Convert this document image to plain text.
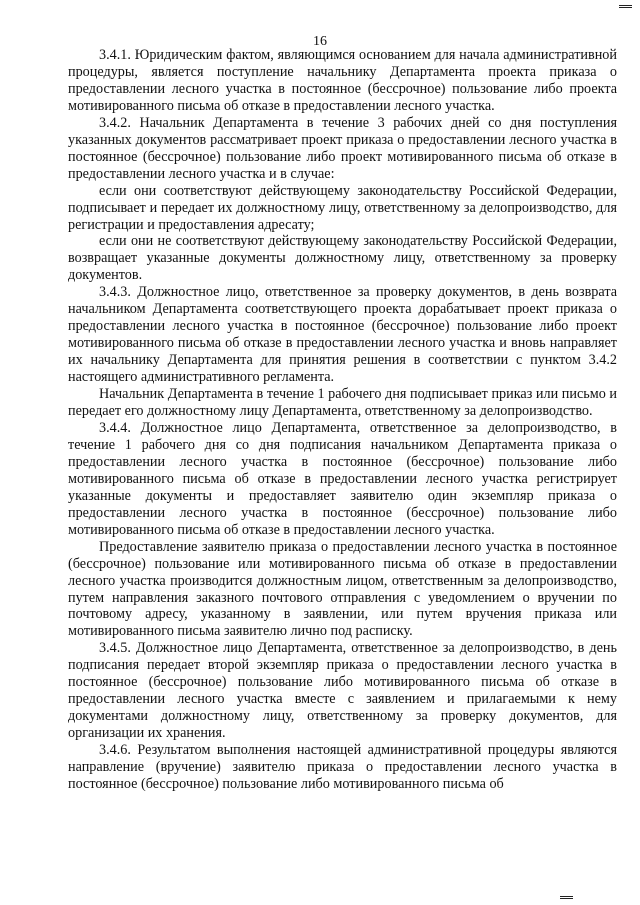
16

3.4.1. Юридическим фактом, являющимся основанием для начала административной процедуры, является поступление начальнику Департамента проекта приказа о предоставлении лесного участка в постоянное (бессрочное) пользование либо проекта мотивированного письма об отказе в предоставлении лесного участка.

3.4.2. Начальник Департамента в течение 3 рабочих дней со дня поступления указанных документов рассматривает проект приказа о предоставлении лесного участка в постоянное (бессрочное) пользование либо проект мотивированного письма об отказе в предоставлении лесного участка и в случае:

если они соответствуют действующему законодательству Российской Федерации, подписывает и передает их должностному лицу, ответственному за делопроизводство, для регистрации и предоставления адресату;

если они не соответствуют действующему законодательству Российской Федерации, возвращает указанные документы должностному лицу, ответственному за проверку документов.

3.4.3. Должностное лицо, ответственное за проверку документов, в день возврата начальником Департамента соответствующего проекта дорабатывает проект приказа о предоставлении лесного участка в постоянное (бессрочное) пользование либо проект мотивированного письма об отказе в предоставлении лесного участка и вновь направляет их начальнику Департамента для принятия решения в соответствии с пунктом 3.4.2 настоящего административного регламента.

Начальник Департамента в течение 1 рабочего дня подписывает приказ или письмо и передает его должностному лицу Департамента, ответственному за делопроизводство.

3.4.4. Должностное лицо Департамента, ответственное за делопроизводство, в течение 1 рабочего дня со дня подписания начальником Департамента приказа о предоставлении лесного участка в постоянное (бессрочное) пользование либо мотивированного письма об отказе в предоставлении лесного участка регистрирует указанные документы и предоставляет заявителю один экземпляр приказа о предоставлении лесного участка в постоянное (бессрочное) пользование либо мотивированного письма об отказе в предоставлении лесного участка.

Предоставление заявителю приказа о предоставлении лесного участка в постоянное (бессрочное) пользование или мотивированного письма об отказе в предоставлении лесного участка производится должностным лицом, ответственным за делопроизводство, путем направления заказного почтового отправления с уведомлением о вручении по почтовому адресу, указанному в заявлении, или путем вручения приказа или мотивированного письма заявителю лично под расписку.

3.4.5. Должностное лицо Департамента, ответственное за делопроизводство, в день подписания передает второй экземпляр приказа о предоставлении лесного участка в постоянное (бессрочное) пользование либо мотивированного письма об отказе в предоставлении лесного участка вместе с заявлением и прилагаемыми к нему документами должностному лицу, ответственному за проверку документов, для организации их хранения.

3.4.6. Результатом выполнения настоящей административной процедуры являются направление (вручение) заявителю приказа о предоставлении лесного участка в постоянное (бессрочное) пользование либо мотивированного письма об
